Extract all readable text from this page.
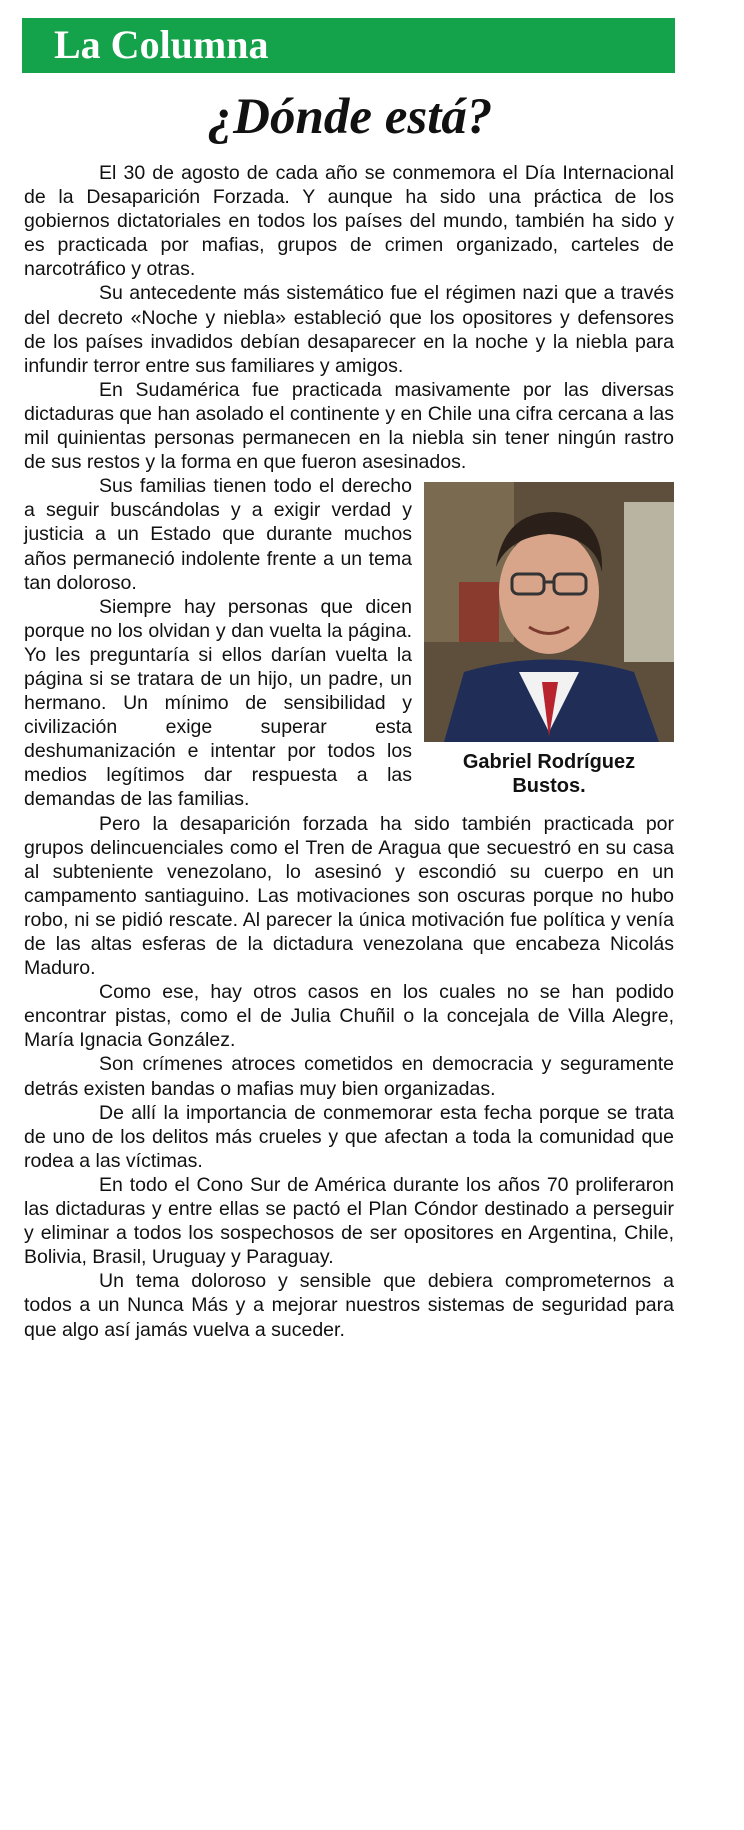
La Columna
¿Dónde está?

El 30 de agosto de cada año se conmemora el Día Internacional de la Desaparición Forzada. Y aunque ha sido una práctica de los gobiernos dictatoriales en todos los países del mundo, también ha sido y es practicada por mafias, grupos de crimen organizado, carteles de narcotráfico y otras.

Su antecedente más sistemático fue el régimen nazi que a través del decreto «Noche y niebla» estableció que los opositores y defensores de los países invadidos debían desaparecer en la noche y la niebla para infundir terror entre sus familiares y amigos.

En Sudamérica fue practicada masivamente por las diversas dictaduras que han asolado el continente y en Chile una cifra cercana a las mil quinientas personas permanecen en la niebla sin tener ningún rastro de sus restos y la forma en que fueron asesinados.

Gabriel Rodríguez Bustos.

Sus familias tienen todo el derecho a seguir buscándolas y a exigir verdad y justicia a un Estado que durante muchos años permaneció indolente frente a un tema tan doloroso.

Siempre hay personas que dicen porque no los olvidan y dan vuelta la página. Yo les preguntaría si ellos darían vuelta la página si se tratara de un hijo, un padre, un hermano. Un mínimo de sensibilidad y civilización exige superar esta deshumanización e intentar por todos los medios legítimos dar respuesta a las demandas de las familias.

Pero la desaparición forzada ha sido también practicada por grupos delincuenciales como el Tren de Aragua que secuestró en su casa al subteniente venezolano, lo asesinó y escondió su cuerpo en un campamento santiaguino. Las motivaciones son oscuras porque no hubo robo, ni se pidió rescate. Al parecer la única motivación fue política y venía de las altas esferas de la dictadura venezolana que encabeza Nicolás Maduro.

Como ese, hay otros casos en los cuales no se han podido encontrar pistas, como el de Julia Chuñil o la concejala de Villa Alegre, María Ignacia González.

Son crímenes atroces cometidos en democracia y seguramente detrás existen bandas o mafias muy bien organizadas.

De allí la importancia de conmemorar esta fecha porque se trata de uno de los delitos más crueles y que afectan a toda la comunidad que rodea a las víctimas.

En todo el Cono Sur de América durante los años 70 proliferaron las dictaduras y entre ellas se pactó el Plan Cóndor destinado a perseguir y eliminar a todos los sospechosos de ser opositores en Argentina, Chile, Bolivia, Brasil, Uruguay y Paraguay.

Un tema doloroso y sensible que debiera comprometernos a todos a un Nunca Más y a mejorar nuestros sistemas de seguridad para que algo así jamás vuelva a suceder.
